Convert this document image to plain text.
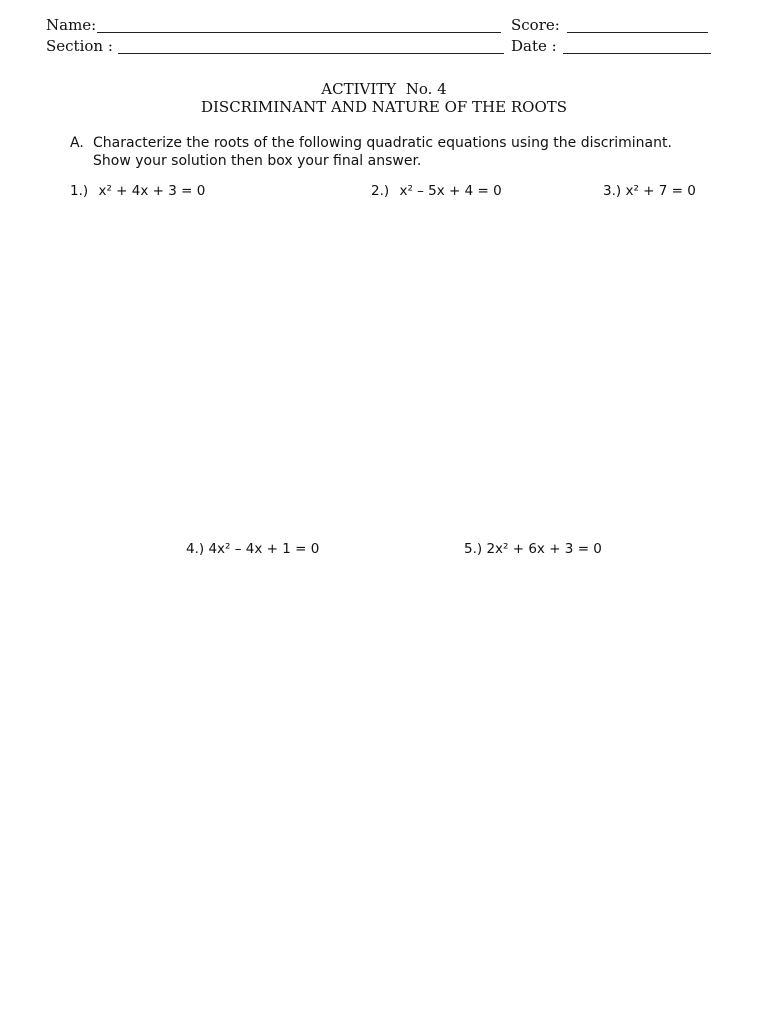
Name:	Score:
Section :	Date :
ACTIVITY  No. 4
DISCRIMINANT AND NATURE OF THE ROOTS
A. Characterize the roots of the following quadratic equations using the discriminant.
Show your solution then box your final answer.
1.) x² + 4x + 3 = 0	2.) x² – 5x + 4 = 0	3.) x² + 7 = 0
4.) 4x² – 4x + 1 = 0	5.) 2x² + 6x + 3 = 0
